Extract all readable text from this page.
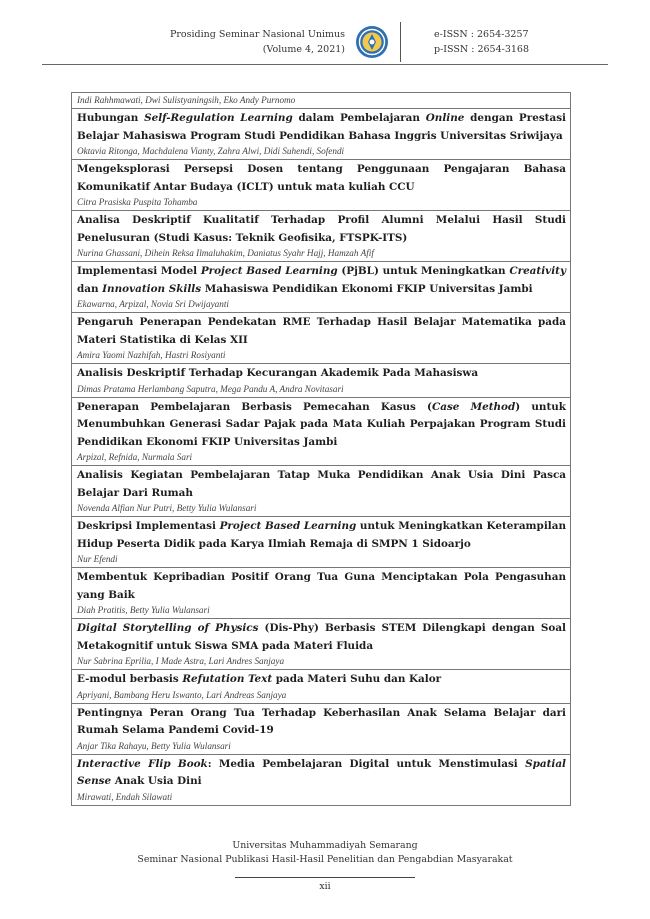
Prosiding Seminar Nasional Unimus
(Volume 4, 2021)
e-ISSN : 2654-3257
p-ISSN : 2654-3168
Indi Rahhmawati, Dwi Sulistyaningsih, Eko Andy Purnomo

Hubungan Self-Regulation Learning dalam Pembelajaran Online dengan Prestasi Belajar Mahasiswa Program Studi Pendidikan Bahasa Inggris Universitas Sriwijaya
Oktavia Ritonga, Machdalena Vianty, Zahra Alwi, Didi Suhendi, Sofendi

Mengeksplorasi Persepsi Dosen tentang Penggunaan Pengajaran Bahasa Komunikatif Antar Budaya (ICLT) untuk mata kuliah CCU
Citra Prasiska Puspita Tohamba

Analisa Deskriptif Kualitatif Terhadap Profil Alumni Melalui Hasil Studi Penelusuran (Studi Kasus: Teknik Geofisika, FTSPK-ITS)
Nurina Ghassani, Dihein Reksa Ilmaluhakim, Daniatus Syahr Hajj, Hamzah Afif

Implementasi Model Project Based Learning (PjBL) untuk Meningkatkan Creativity dan Innovation Skills Mahasiswa Pendidikan Ekonomi FKIP Universitas Jambi
Ekawarna, Arpizal, Novia Sri Dwijayanti

Pengaruh Penerapan Pendekatan RME Terhadap Hasil Belajar Matematika pada Materi Statistika di Kelas XII
Amira Yaomi Nazhifah, Hastri Rosiyanti

Analisis Deskriptif Terhadap Kecurangan Akademik Pada Mahasiswa
Dimas Pratama Herlambang Saputra, Mega Pandu A, Andra Novitasari

Penerapan Pembelajaran Berbasis Pemecahan Kasus (Case Method) untuk Menumbuhkan Generasi Sadar Pajak pada Mata Kuliah Perpajakan Program Studi Pendidikan Ekonomi FKIP Universitas Jambi
Arpizal, Refnida, Nurmala Sari

Analisis Kegiatan Pembelajaran Tatap Muka Pendidikan Anak Usia Dini Pasca Belajar Dari Rumah
Novenda Alfian Nur Putri, Betty Yulia Wulansari

Deskripsi Implementasi Project Based Learning untuk Meningkatkan Keterampilan Hidup Peserta Didik pada Karya Ilmiah Remaja di SMPN 1 Sidoarjo
Nur Efendi

Membentuk Kepribadian Positif Orang Tua Guna Menciptakan Pola Pengasuhan yang Baik
Diah Pratitis, Betty Yulia Wulansari

Digital Storytelling of Physics (Dis-Phy) Berbasis STEM Dilengkapi dengan Soal Metakognitif untuk Siswa SMA pada Materi Fluida
Nur Sabrina Eprilia, I Made Astra, Lari Andres Sanjaya

E-modul berbasis Refutation Text pada Materi Suhu dan Kalor
Apriyani, Bambang Heru Iswanto, Lari Andreas Sanjaya

Pentingnya Peran Orang Tua Terhadap Keberhasilan Anak Selama Belajar dari Rumah Selama Pandemi Covid-19
Anjar Tika Rahayu, Betty Yulia Wulansari

Interactive Flip Book: Media Pembelajaran Digital untuk Menstimulasi Spatial Sense Anak Usia Dini
Mirawati, Endah Silawati
Universitas Muhammadiyah Semarang
Seminar Nasional Publikasi Hasil-Hasil Penelitian dan Pengabdian Masyarakat
xii
